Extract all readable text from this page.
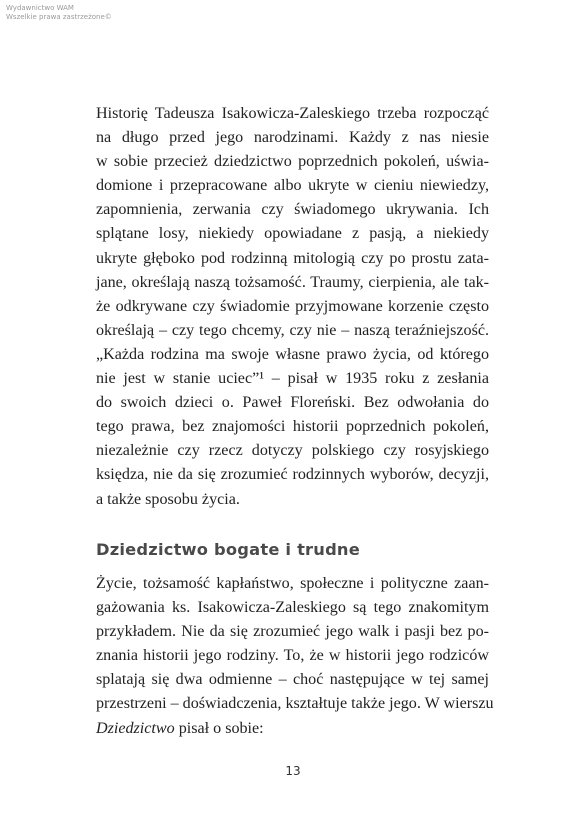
Wydawnictwo WAM
Wszelkie prawa zastrzeżone©
Historię Tadeusza Isakowicza-Zaleskiego trzeba rozpocząć
na długo przed jego narodzinami. Każdy z nas niesie
w sobie przecież dziedzictwo poprzednich pokoleń, uświa-
domione i przepracowane albo ukryte w cieniu niewiedzy,
zapomnienia, zerwania czy świadomego ukrywania. Ich
splątane losy, niekiedy opowiadane z pasją, a niekiedy
ukryte głęboko pod rodzinną mitologią czy po prostu zata-
jane, określają naszą tożsamość. Traumy, cierpienia, ale tak-
że odkrywane czy świadomie przyjmowane korzenie często
określają – czy tego chcemy, czy nie – naszą teraźniejszość.
„Każda rodzina ma swoje własne prawo życia, od którego
nie jest w stanie uciec”¹ – pisał w 1935 roku z zesłania
do swoich dzieci o. Paweł Floreński. Bez odwołania do
tego prawa, bez znajomości historii poprzednich pokoleń,
niezależnie czy rzecz dotyczy polskiego czy rosyjskiego
księdza, nie da się zrozumieć rodzinnych wyborów, decyzji,
a także sposobu życia.
Dziedzictwo bogate i trudne
Życie, tożsamość kapłaństwo, społeczne i polityczne zaan-
gażowania ks. Isakowicza-Zaleskiego są tego znakomitym
przykładem. Nie da się zrozumieć jego walk i pasji bez po-
znania historii jego rodziny. To, że w historii jego rodziców
splatają się dwa odmienne – choć następujące w tej samej
przestrzeni – doświadczenia, kształtuje także jego. W wierszu
Dziedzictwo pisał o sobie:
13
